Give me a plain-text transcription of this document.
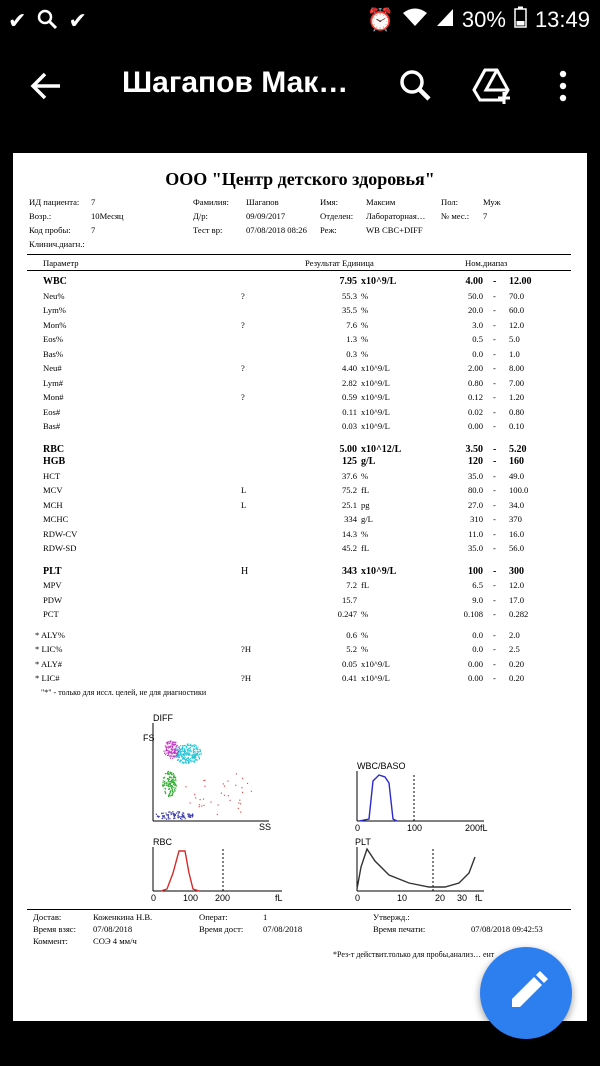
✔ ✔	⏰	30% 13:49
Шагапов Мак…
ООО "Центр детского здоровья"
ИД пациента: 7	Фамилия: Шагапов	Имя:	Максим	Пол:	Муж
Возр.:	10Месяц	Д/р:	09/09/2017	Отделен: Лабораторная… № мес.: 7
Код пробы: 7	Тест вр:	07/08/2018 08:26 Реж:	WB CBC+DIFF
Клинич.диагн.:
Параметр	Результат Единица	Ном.диапаз
WBC	7.95 x10^9/L	4.00 - 12.00
Neu%	?	55.3 %	50.0 - 70.0
Lym%	35.5 %	20.0 - 60.0
Mon%	?	7.6 %	3.0 - 12.0
Eos%	1.3 %	0.5 - 5.0
Bas%	0.3 %	0.0 - 1.0
Neu#	?	4.40 x10^9/L	2.00 - 8.00
Lym#	2.82 x10^9/L	0.80 - 7.00
Mon#	?	0.59 x10^9/L	0.12 - 1.20
Eos#	0.11 x10^9/L	0.02 - 0.80
Bas#	0.03 x10^9/L	0.00 - 0.10
RBC	5.00 x10^12/L	3.50 - 5.20
HGB	125 g/L	120 - 160
HCT	37.6 %	35.0 - 49.0
MCV	L	75.2 fL	80.0 - 100.0
MCH	L	25.1 pg	27.0 - 34.0
MCHC	334 g/L	310 - 370
RDW-CV	14.3 %	11.0 - 16.0
RDW-SD	45.2 fL	35.0 - 56.0
PLT	H	343 x10^9/L	100 - 300
MPV	7.2 fL	6.5 - 12.0
PDW	15.7	9.0 - 17.0
PCT	0.247 %	0.108 - 0.282
* ALY%	0.6 %	0.0 - 2.0
* LIC%	?H	5.2 %	0.0 - 2.5
* ALY#	0.05 x10^9/L	0.00 - 0.20
* LIC#	?H	0.41 x10^9/L	0.00 - 0.20
"*" - только для иссл. целей, не для диагностики
DIFF
FS
SS
WBC/BASO
0	100	200 fL
RBC
0	100 200	fL
PLT
0	10	20 30 fL
Достав:	Коженкина Н.В.	Операт:	1	Утвержд.:
Время взяс: 07/08/2018	Время дост: 07/08/2018	Время печати:	07/08/2018 09:42:53
Коммент:	СОЭ 4 мм/ч
*Рез-т действит.только для пробы,анализ… ент
